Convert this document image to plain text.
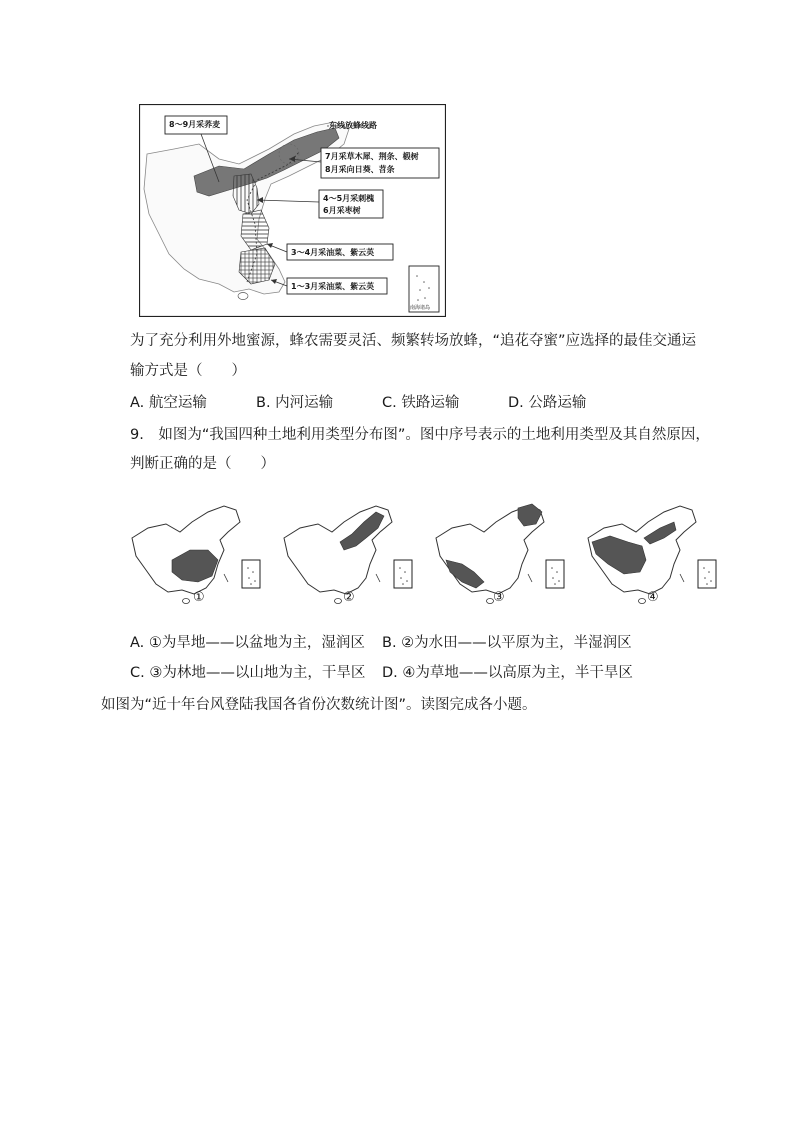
东线放蜂线路
8～9月采荞麦
7月采草木犀、荆条、椴树
8月采向日葵、苕条
4～5月采刺槐
6月采枣树
3～4月采油菜、紫云英
1～3月采油菜、紫云英
南海诸岛
为了充分利用外地蜜源，蜂农需要灵活、频繁转场放蜂，“追花夺蜜”应选择的最佳交通运
输方式是（　　）
A. 航空运输	B. 内河运输	C. 铁路运输	D. 公路运输
9.　如图为“我国四种土地利用类型分布图”。图中序号表示的土地利用类型及其自然原因，
判断正确的是（　　）
①	②	③	④
A. ①为旱地——以盆地为主，湿润区 B. ②为水田——以平原为主，半湿润区
C. ③为林地——以山地为主，干旱区 D. ④为草地——以高原为主，半干旱区
如图为“近十年台风登陆我国各省份次数统计图”。读图完成各小题。
